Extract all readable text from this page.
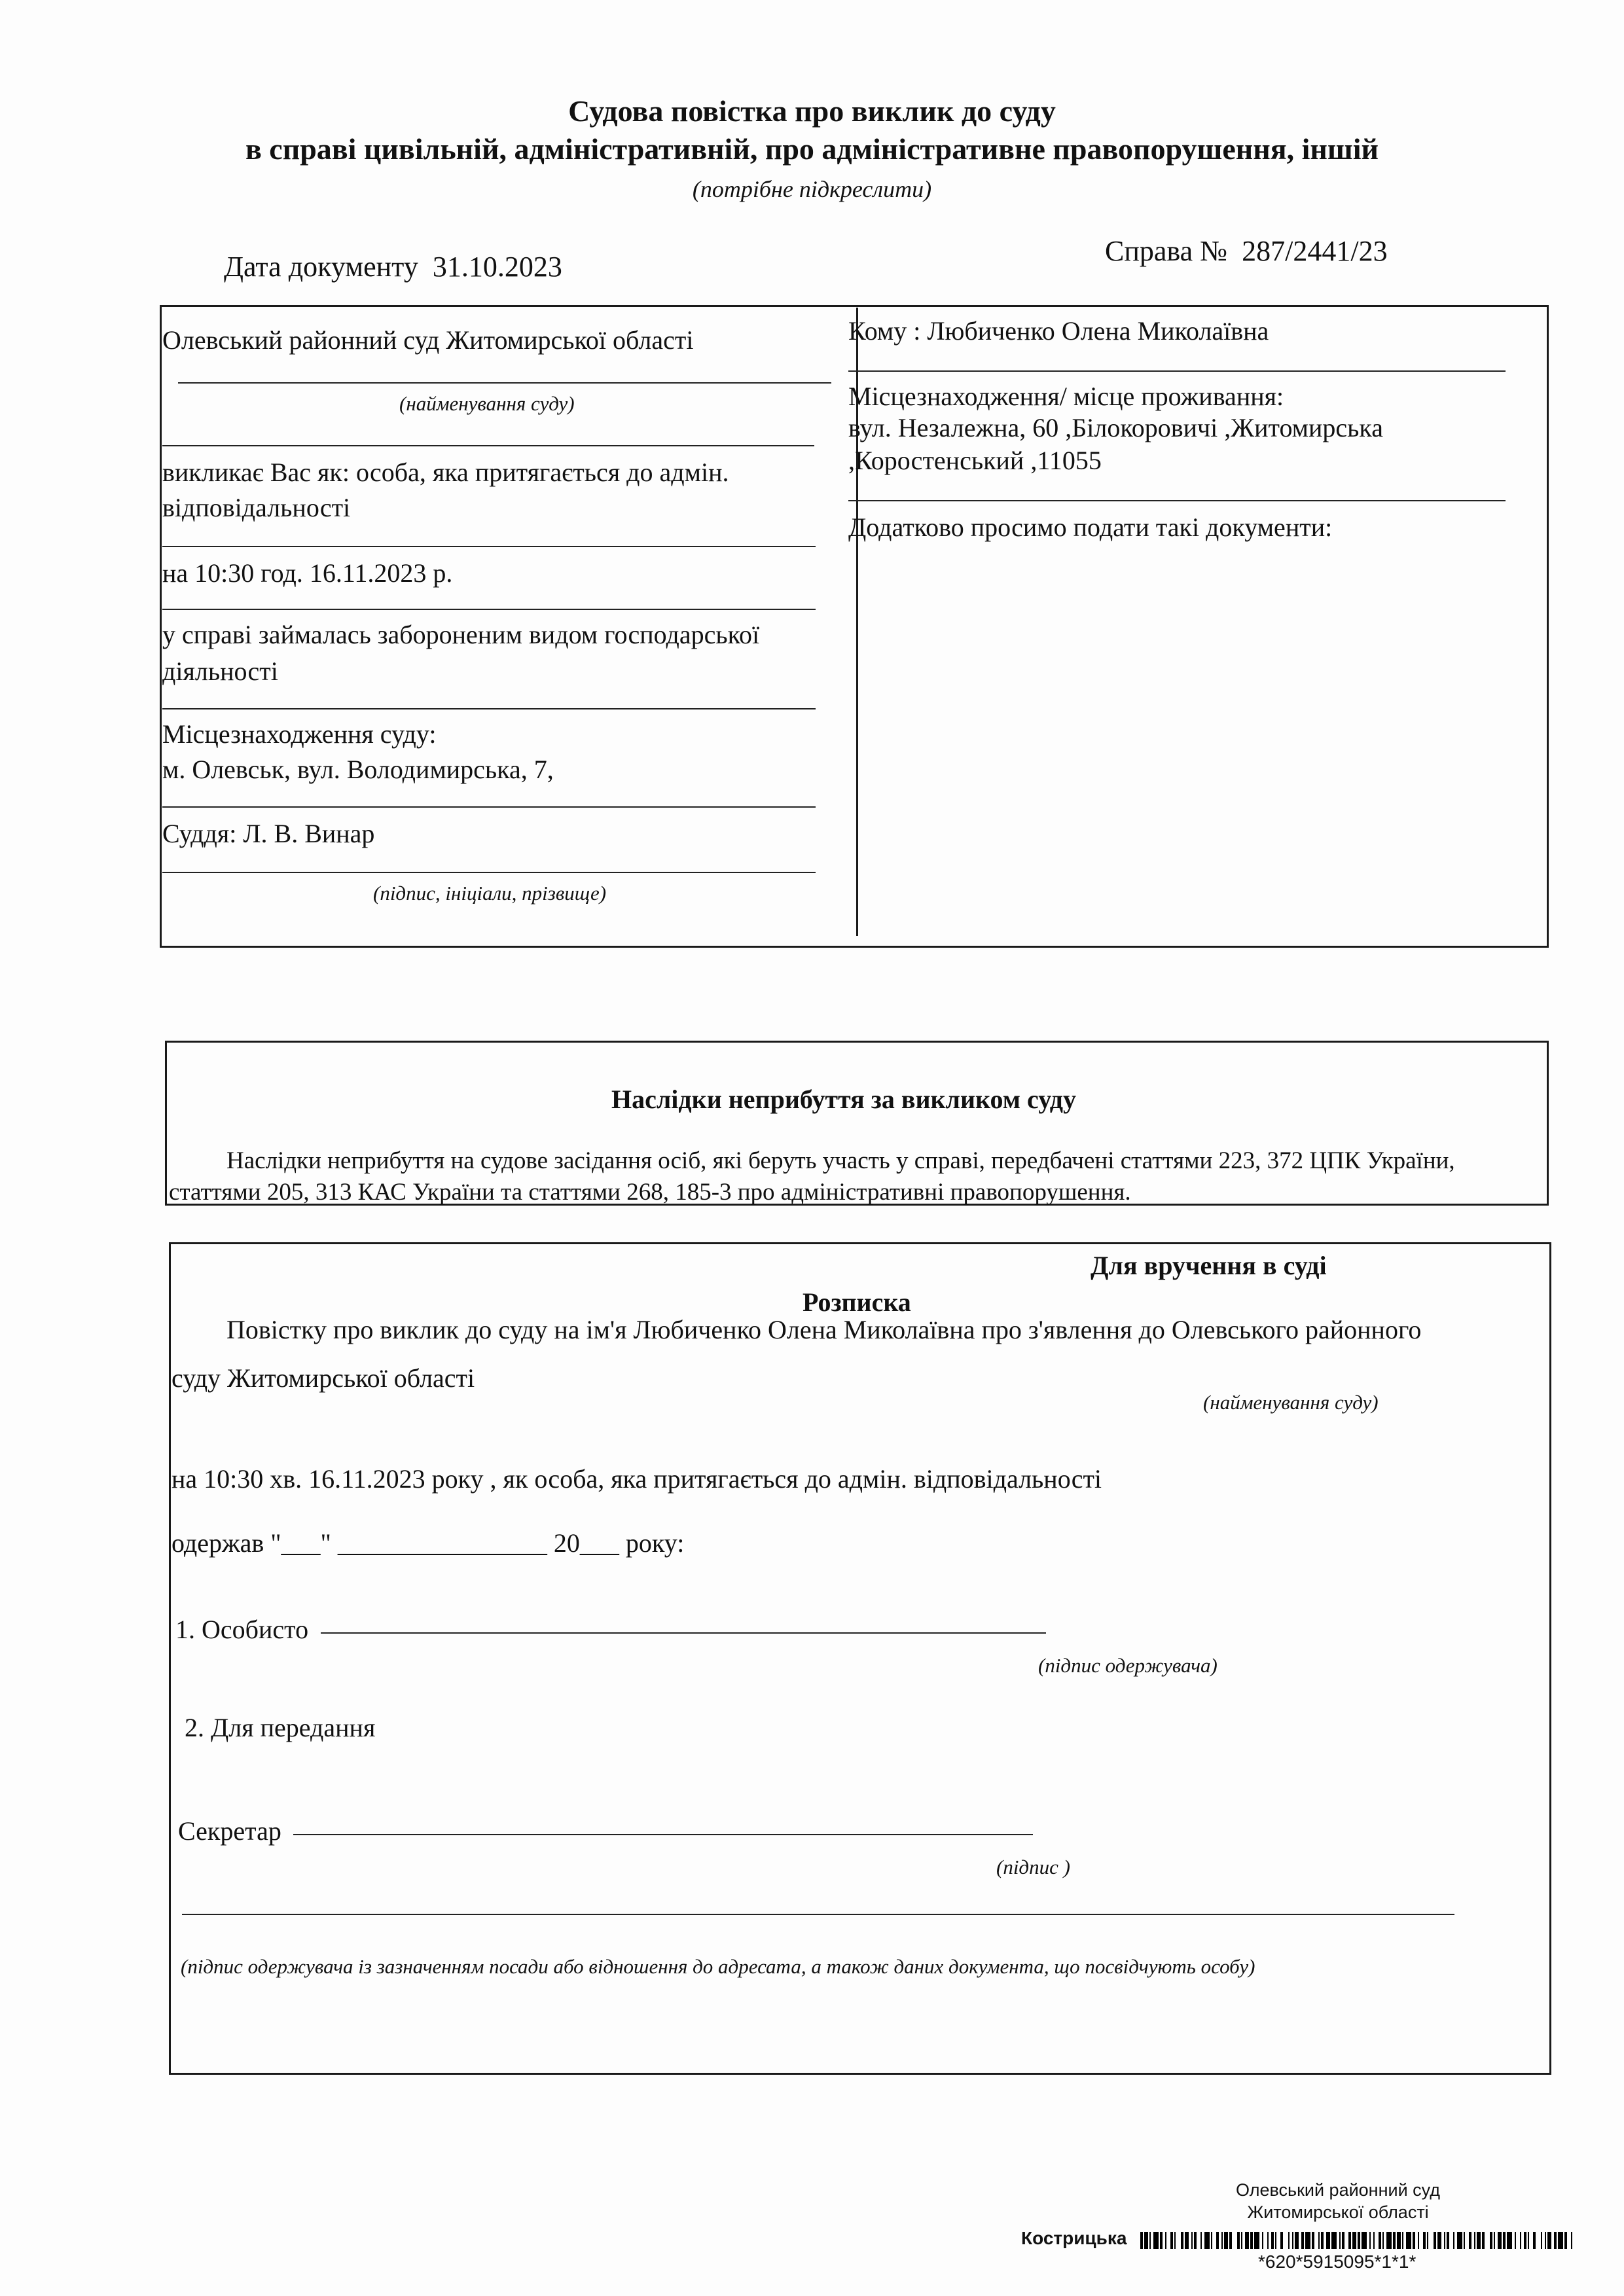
Судова повістка про виклик до суду
в справі цивільній, адміністративній, про адміністративне правопорушення, іншій
(потрібне підкреслити)
Дата документу 31.10.2023	Справа № 287/2441/23
Олевський районний суд Житомирської області
(найменування суду)
викликає Вас як: особа, яка притягається до адмін.
відповідальності
на 10:30 год. 16.11.2023 р.
у справі займалась забороненим видом господарської
діяльності
Місцезнаходження суду:
м. Олевськ, вул. Володимирська, 7,
Суддя: Л. В. Винар
(підпис, ініціали, прізвище)
Кому : Любиченко Олена Миколаївна
Місцезнаходження/ місце проживання:
вул. Незалежна, 60 ,Білокоровичі ,Житомирська
,Коростенський ,11055
Додатково просимо подати такі документи:
Наслідки неприбуття за викликом суду
Наслідки неприбуття на судове засідання осіб, які беруть участь у справі, передбачені статтями 223, 372 ЦПК України,
статтями 205, 313 КАС України та статтями 268, 185-3 про адміністративні правопорушення.
Для вручення в суді
Розписка
Повістку про виклик до суду на ім'я Любиченко Олена Миколаївна про з'явлення до Олевського районного
суду Житомирської області
(найменування суду)
на 10:30 хв. 16.11.2023 року , як особа, яка притягається до адмін. відповідальності
одержав "___" ________________ 20___ року:
1. Особисто
(підпис одержувача)
2. Для передання
Секретар
(підпис )
(підпис одержувача із зазначенням посади або відношення до адресата, а також даних документа, що посвідчують особу)
Олевський районний суд
Житомирської області
Кострицька
*620*5915095*1*1*
